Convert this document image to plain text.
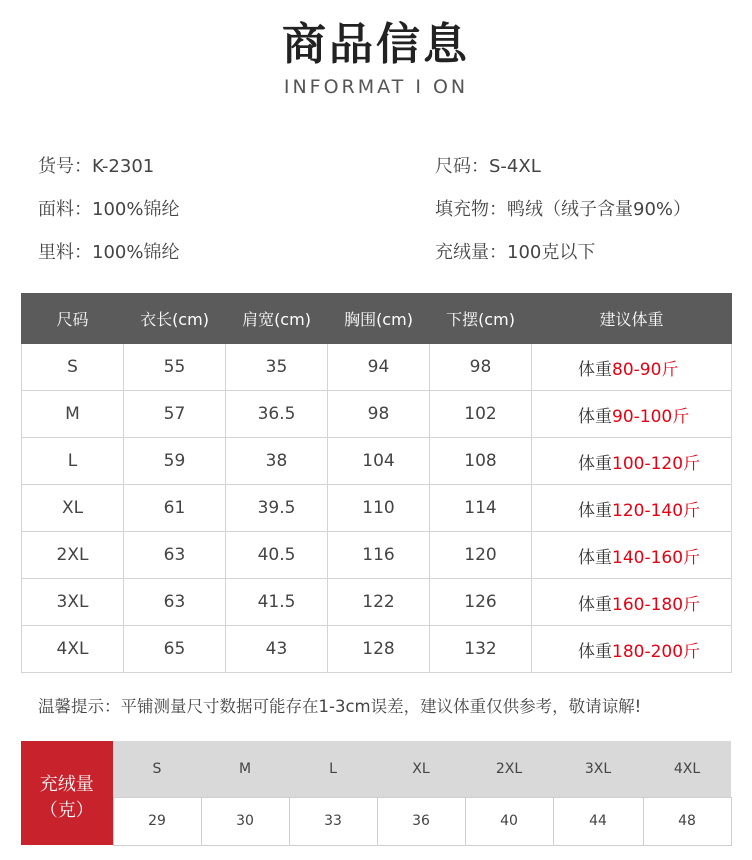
商品信息
INFORMAT I ON
货号：K-2301	尺码：S-4XL
面料：100%锦纶	填充物：鸭绒（绒子含量90%）
里料：100%锦纶	充绒量：100克以下
尺码	衣长(cm)	肩宽(cm)	胸围(cm)	下摆(cm)	建议体重
S	55	35	94	98	体重80-90斤
M	57	36.5	98	102	体重90-100斤
L	59	38	104	108	体重100-120斤
XL	61	39.5	110	114	体重120-140斤
2XL	63	40.5	116	120	体重140-160斤
3XL	63	41.5	122	126	体重160-180斤
4XL	65	43	128	132	体重180-200斤
温馨提示：平铺测量尺寸数据可能存在1-3cm误差，建议体重仅供参考，敬请谅解!
充绒量
（克）	S	M	L	XL	2XL	3XL	4XL
	29	30	33	36	40	44	48
